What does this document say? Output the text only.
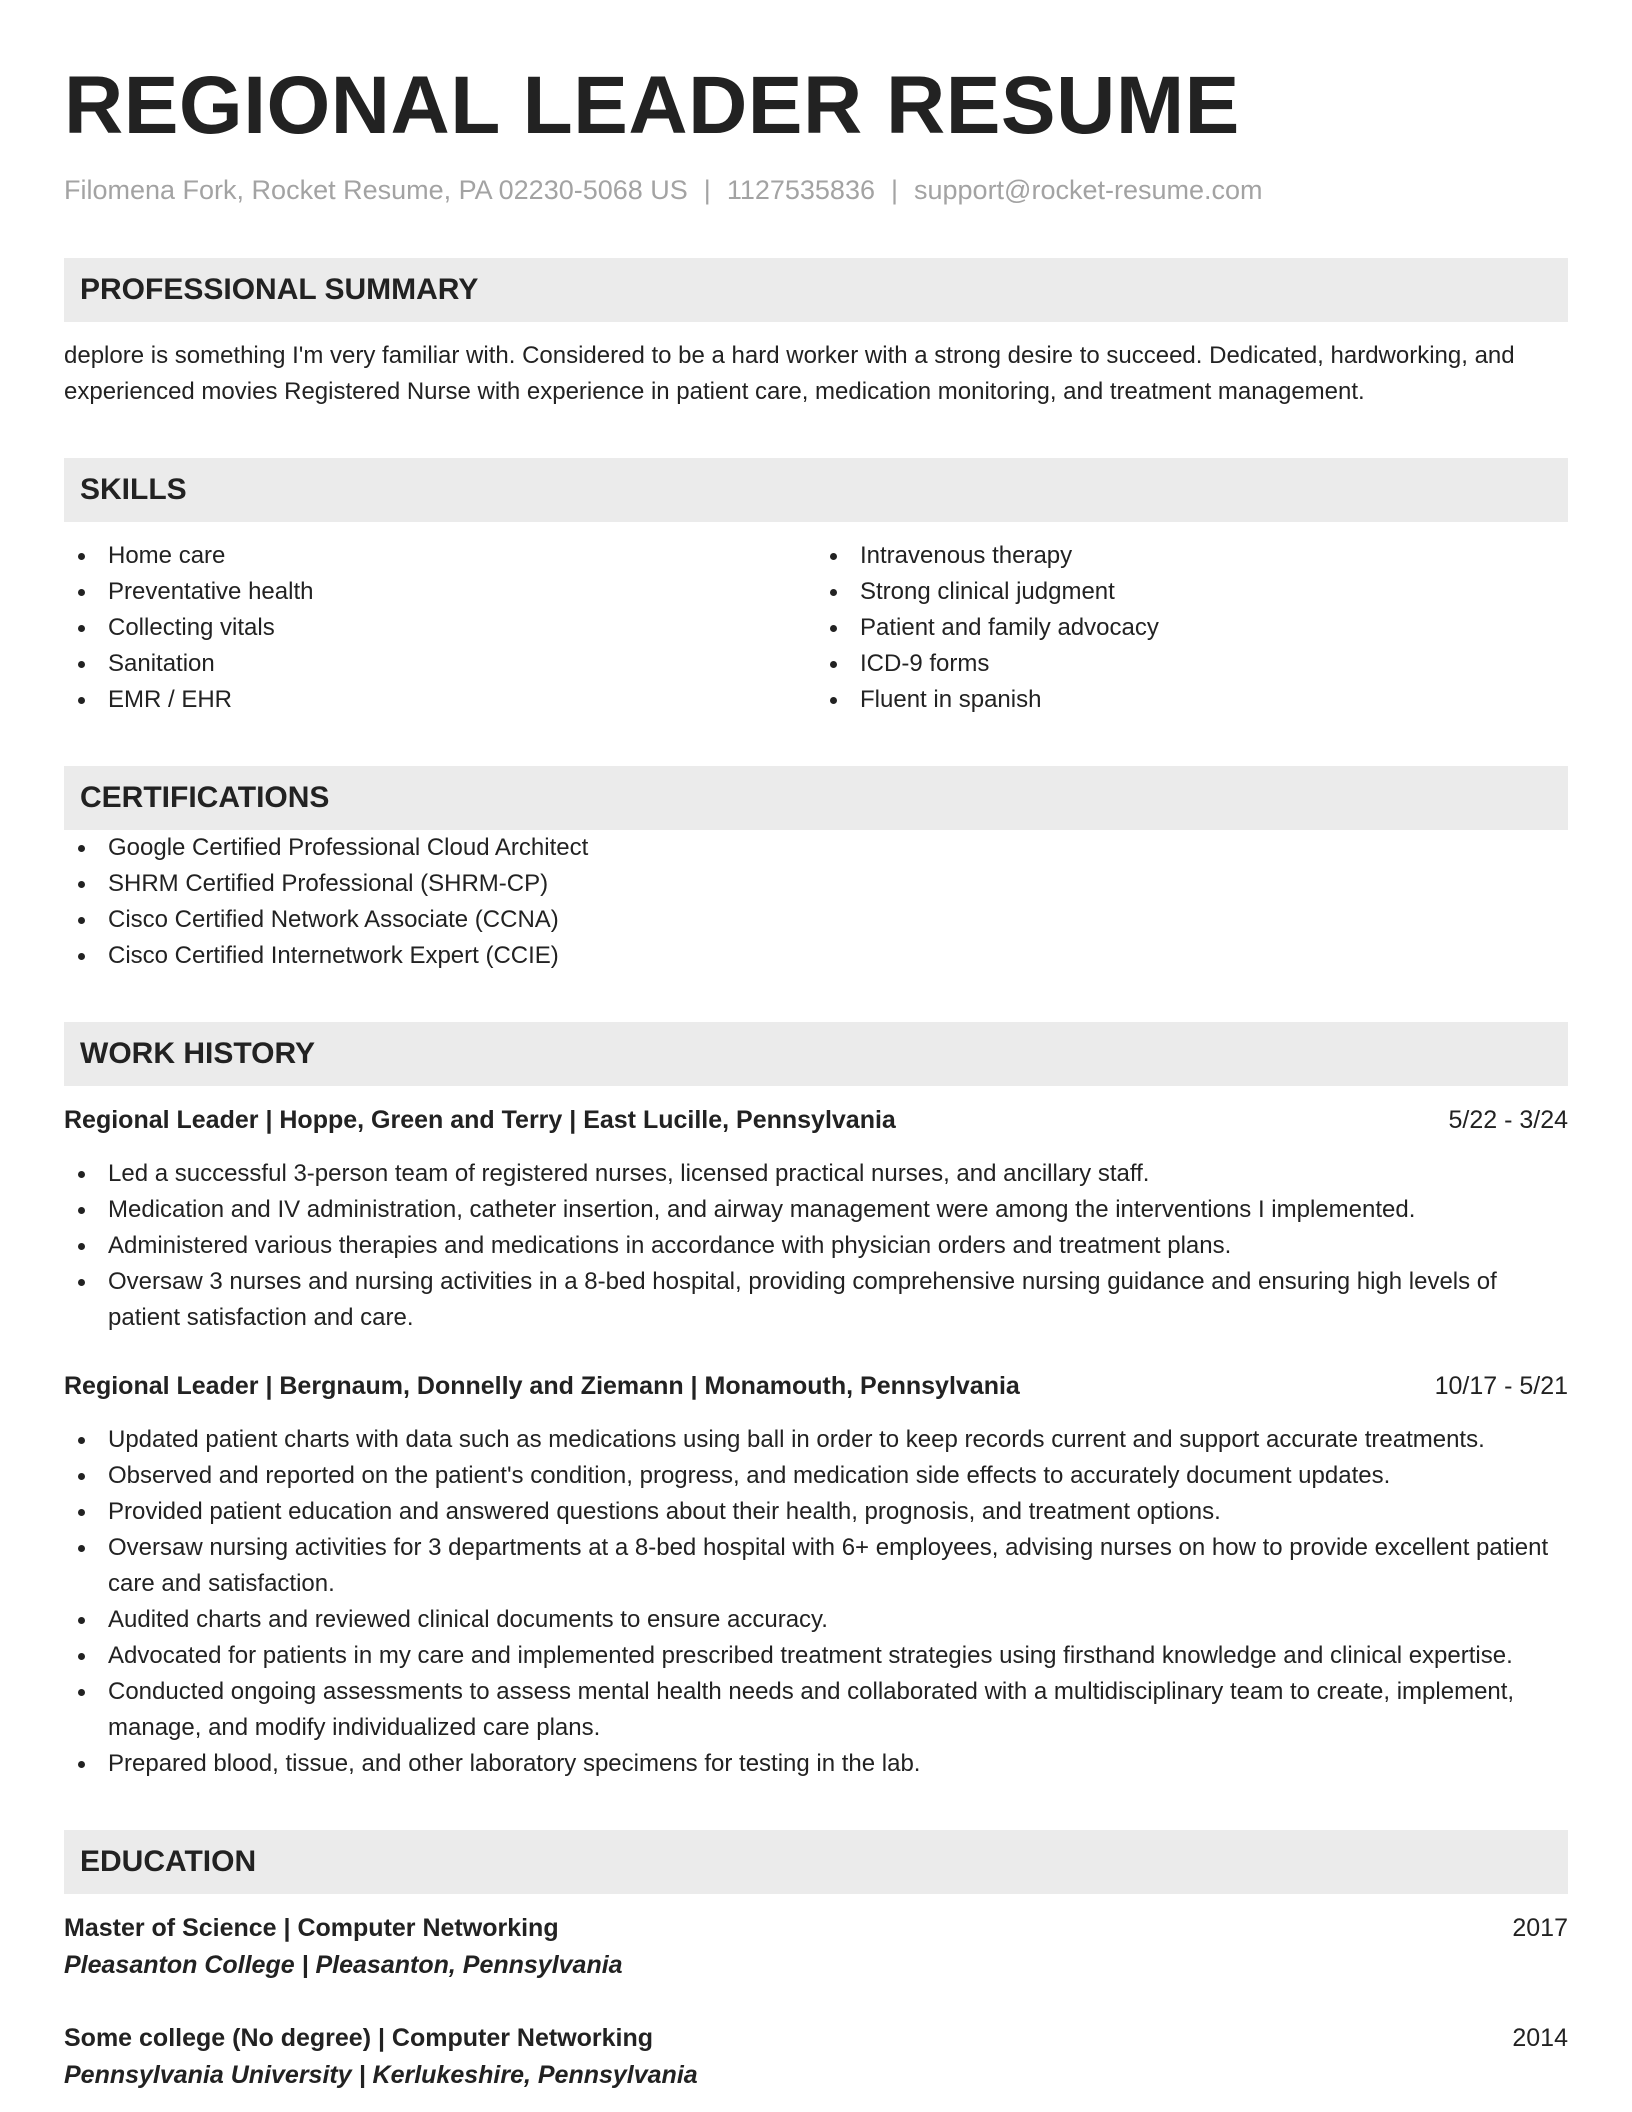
REGIONAL LEADER RESUME
Filomena Fork, Rocket Resume, PA 02230-5068 US | 1127535836 | support@rocket-resume.com
PROFESSIONAL SUMMARY
deplore is something I'm very familiar with. Considered to be a hard worker with a strong desire to succeed. Dedicated, hardworking, and experienced movies Registered Nurse with experience in patient care, medication monitoring, and treatment management.
SKILLS
Home care
Preventative health
Collecting vitals
Sanitation
EMR / EHR
Intravenous therapy
Strong clinical judgment
Patient and family advocacy
ICD-9 forms
Fluent in spanish
CERTIFICATIONS
Google Certified Professional Cloud Architect
SHRM Certified Professional (SHRM-CP)
Cisco Certified Network Associate (CCNA)
Cisco Certified Internetwork Expert (CCIE)
WORK HISTORY
Regional Leader | Hoppe, Green and Terry | East Lucille, Pennsylvania	5/22 - 3/24
Led a successful 3-person team of registered nurses, licensed practical nurses, and ancillary staff.
Medication and IV administration, catheter insertion, and airway management were among the interventions I implemented.
Administered various therapies and medications in accordance with physician orders and treatment plans.
Oversaw 3 nurses and nursing activities in a 8-bed hospital, providing comprehensive nursing guidance and ensuring high levels of patient satisfaction and care.
Regional Leader | Bergnaum, Donnelly and Ziemann | Monamouth, Pennsylvania	10/17 - 5/21
Updated patient charts with data such as medications using ball in order to keep records current and support accurate treatments.
Observed and reported on the patient's condition, progress, and medication side effects to accurately document updates.
Provided patient education and answered questions about their health, prognosis, and treatment options.
Oversaw nursing activities for 3 departments at a 8-bed hospital with 6+ employees, advising nurses on how to provide excellent patient care and satisfaction.
Audited charts and reviewed clinical documents to ensure accuracy.
Advocated for patients in my care and implemented prescribed treatment strategies using firsthand knowledge and clinical expertise.
Conducted ongoing assessments to assess mental health needs and collaborated with a multidisciplinary team to create, implement, manage, and modify individualized care plans.
Prepared blood, tissue, and other laboratory specimens for testing in the lab.
EDUCATION
Master of Science | Computer Networking	2017
Pleasanton College | Pleasanton, Pennsylvania
Some college (No degree) | Computer Networking	2014
Pennsylvania University | Kerlukeshire, Pennsylvania
